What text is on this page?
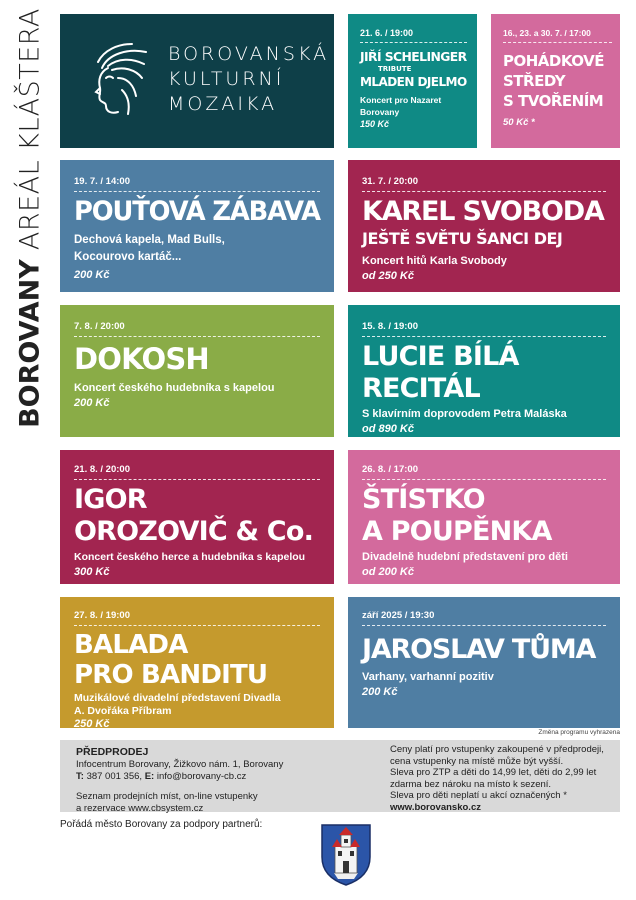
BOROVANY AREÁL KLÁŠTERA	BOROVANSKÁ
KULTURNÍ
MOZAIKA
21. 6. / 19:00
JIŘÍ SCHELINGER
TRIBUTE
MLADEN DJELMO
Koncert pro Nazaret
Borovany
150 Kč
16., 23. a 30. 7. / 17:00
POHÁDKOVÉ
STŘEDY
S TVOŘENÍM
50 Kč *
19. 7. / 14:00
POUŤOVÁ ZÁBAVA
Dechová kapela, Mad Bulls,
Kocourovo kartáč...
200 Kč
31. 7. / 20:00
KAREL SVOBODA
JEŠTĚ SVĚTU ŠANCI DEJ
Koncert hitů Karla Svobody
od 250 Kč
7. 8. / 20:00
DOKOSH
Koncert českého hudebníka s kapelou
200 Kč
15. 8. / 19:00
LUCIE BÍLÁ
RECITÁL
S klavírním doprovodem Petra Maláska
od 890 Kč
21. 8. / 20:00
IGOR
OROZOVIČ & Co.
Koncert českého herce a hudebníka s kapelou
300 Kč
26. 8. / 17:00
ŠTÍSTKO
A POUPĚNKA
Divadelně hudební představení pro děti
od 200 Kč
27. 8. / 19:00
BALADA
PRO BANDITU
Muzikálové divadelní představení Divadla
A. Dvořáka Příbram
250 Kč
září 2025 / 19:30
JAROSLAV TŮMA
Varhany, varhanní pozitiv
200 Kč
Změna programu vyhrazena
PŘEDPRODEJ
Infocentrum Borovany, Žižkovo nám. 1, Borovany
T: 387 001 356, E: info@borovany-cb.cz
Seznam prodejních míst, on-line vstupenky
a rezervace www.cbsystem.cz
Ceny platí pro vstupenky zakoupené v předprodeji,
cena vstupenky na místě může být vyšší.
Sleva pro ZTP a děti do 14,99 let, děti do 2,99 let
zdarma bez nároku na místo k sezení.
Sleva pro děti neplatí u akcí označených *
www.borovansko.cz
Pořádá město Borovany za podpory partnerů:
